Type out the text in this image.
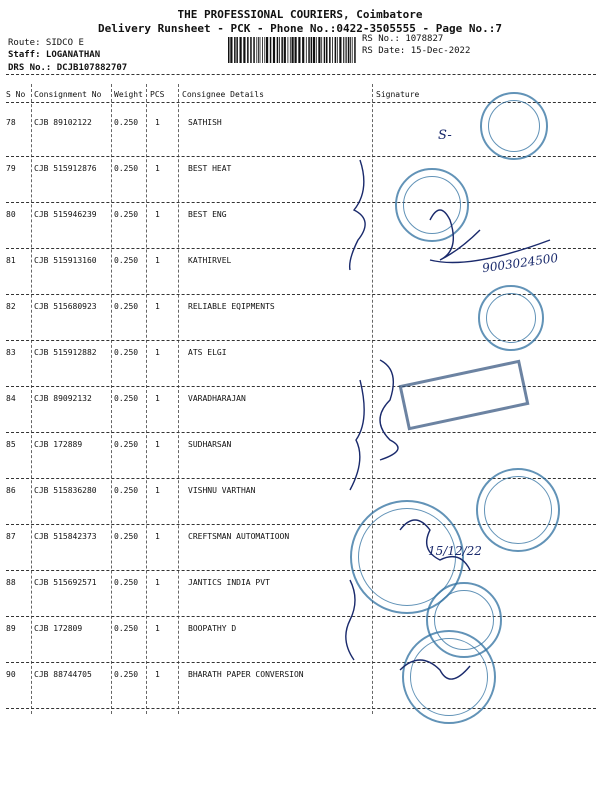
THE PROFESSIONAL COURIERS, Coimbatore
Delivery Runsheet - PCK - Phone No.:0422-3505555 - Page No.:7
Route: SIDCO E
Staff: LOGANATHAN
DRS No.: DCJB107882707
RS No.: 1078827
RS Date: 15-Dec-2022
S No Consignment No Weight PCS Consignee Details	Signature
78 CJB 89102122	0.250 1	SATHISH
79 CJB 515912876 0.250 1	BEST HEAT
80 CJB 515946239 0.250 1	BEST ENG
81 CJB 515913160 0.250 1	KATHIRVEL
82 CJB 515680923 0.250 1	RELIABLE EQIPMENTS
83 CJB 515912882 0.250 1	ATS ELGI
84 CJB 89092132	0.250 1	VARADHARAJAN
85 CJB 172889	0.250 1	SUDHARSAN
86 CJB 515836280 0.250 1	VISHNU VARTHAN
87 CJB 515842373 0.250 1	CREFTSMAN AUTOMATIOON
88 CJB 515692571 0.250 1	JANTICS INDIA PVT
89 CJB 172809	0.250 1	BOOPATHY D
90 CJB 88744705	0.250 1	BHARATH PAPER CONVERSION
S-
9003024500
15/12/22
